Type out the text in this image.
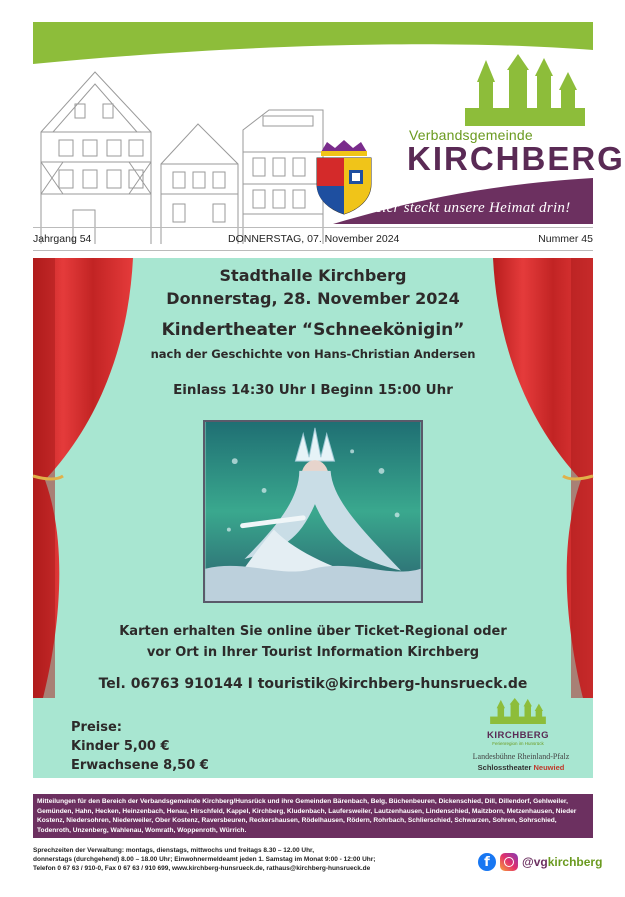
Verbandsgemeinde
KIRCHBERG
Hier steckt unsere Heimat drin!
Jahrgang 54	DONNERSTAG, 07. November 2024	Nummer 45
Stadthalle Kirchberg
Donnerstag, 28. November 2024
Kindertheater “Schneekönigin”
nach der Geschichte von Hans-Christian Andersen
Einlass 14:30 Uhr I Beginn 15:00 Uhr
Karten erhalten Sie online über Ticket-Regional oder
vor Ort in Ihrer Tourist Information Kirchberg
Tel. 06763 910144 I touristik@kirchberg-hunsrueck.de
Preise:
Kinder 5,00 €
Erwachsene 8,50 €
KIRCHBERG
Ferienregion im Hunsrück
Landesbühne Rheinland-Pfalz
Schlosstheater Neuwied
Mitteilungen für den Bereich der Verbandsgemeinde Kirchberg/Hunsrück und ihre Gemeinden Bärenbach, Belg, Büchenbeuren, Dickenschied, Dill, Dillendorf, Gehlweiler, Gemünden, Hahn, Hecken, Heinzenbach, Henau, Hirschfeld, Kappel, Kirchberg, Kludenbach, Laufersweiler, Lautzenhausen, Lindenschied, Maitzborn, Metzenhausen, Nieder Kostenz, Niedersohren, Niederweiler, Ober Kostenz, Raversbeuren, Reckershausen, Rödelhausen, Rödern, Rohrbach, Schlierschied, Schwarzen, Sohren, Sohrschied, Todenroth, Unzenberg, Wahlenau, Womrath, Woppenroth, Würrich.
Sprechzeiten der Verwaltung: montags, dienstags, mittwochs und freitags 8.30 – 12.00 Uhr,
donnerstags (durchgehend) 8.00 – 18.00 Uhr; Einwohnermeldeamt jeden 1. Samstag im Monat 9:00 - 12:00 Uhr;
Telefon 0 67 63 / 910-0, Fax 0 67 63 / 910 699, www.kirchberg-hunsrueck.de, rathaus@kirchberg-hunsrueck.de	f	@vgkirchberg
